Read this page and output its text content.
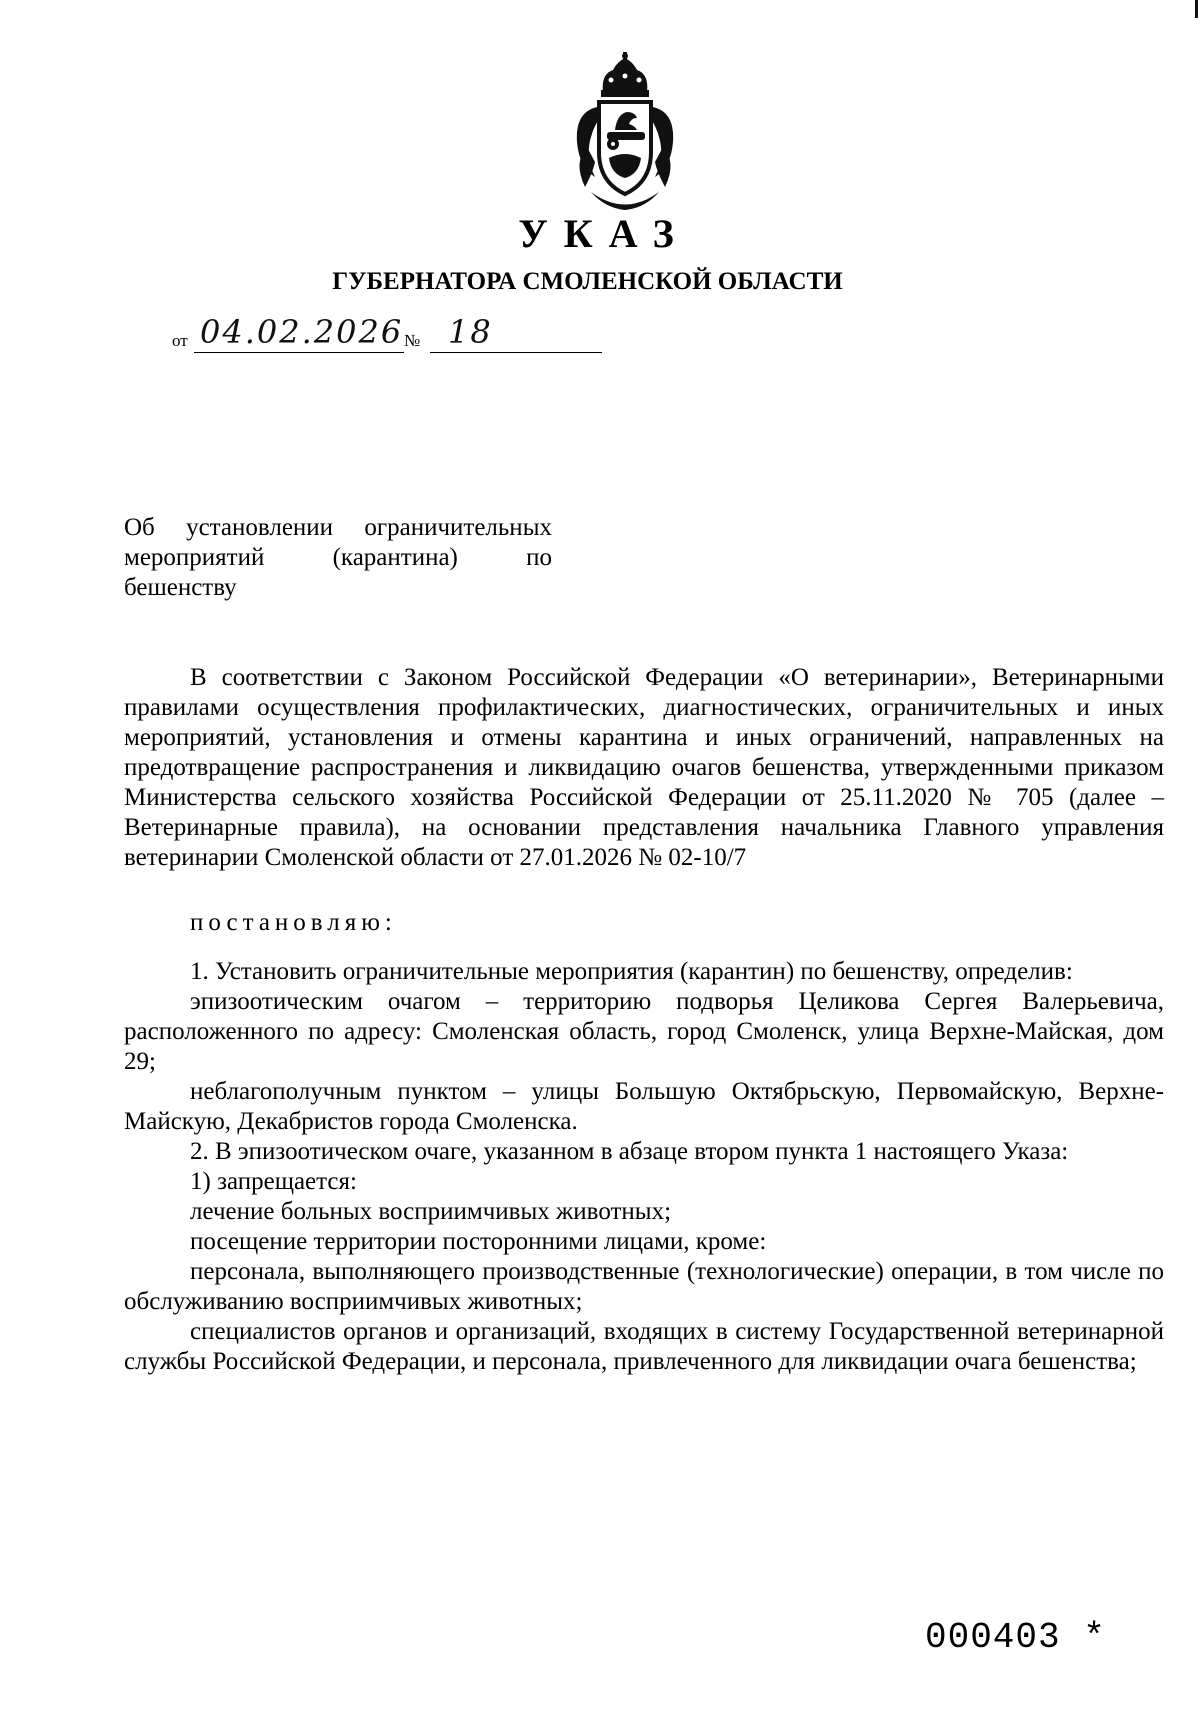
УКАЗ
ГУБЕРНАТОРА СМОЛЕНСКОЙ ОБЛАСТИ
от 04.02.2026 № 18
Об установлении ограничительных
мероприятий (карантина) по
бешенству

В соответствии с Законом Российской Федерации «О ветеринарии», Ветеринарными правилами осуществления профилактических, диагностических, ограничительных и иных мероприятий, установления и отмены карантина и иных ограничений, направленных на предотвращение распространения и ликвидацию очагов бешенства, утвержденными приказом Министерства сельского хозяйства Российской Федерации от 25.11.2020 № 705 (далее – Ветеринарные правила), на основании представления начальника Главного управления ветеринарии Смоленской области от 27.01.2026 № 02-10/7

постановляю:

1. Установить ограничительные мероприятия (карантин) по бешенству, определив:

эпизоотическим очагом – территорию подворья Целикова Сергея Валерьевича, расположенного по адресу: Смоленская область, город Смоленск, улица Верхне-Майская, дом 29;

неблагополучным пунктом – улицы Большую Октябрьскую, Первомайскую, Верхне-Майскую, Декабристов города Смоленска.

2. В эпизоотическом очаге, указанном в абзаце втором пункта 1 настоящего Указа:

1) запрещается:

лечение больных восприимчивых животных;

посещение территории посторонними лицами, кроме:

персонала, выполняющего производственные (технологические) операции, в том числе по обслуживанию восприимчивых животных;

специалистов органов и организаций, входящих в систему Государственной ветеринарной службы Российской Федерации, и персонала, привлеченного для ликвидации очага бешенства;

000403 *
